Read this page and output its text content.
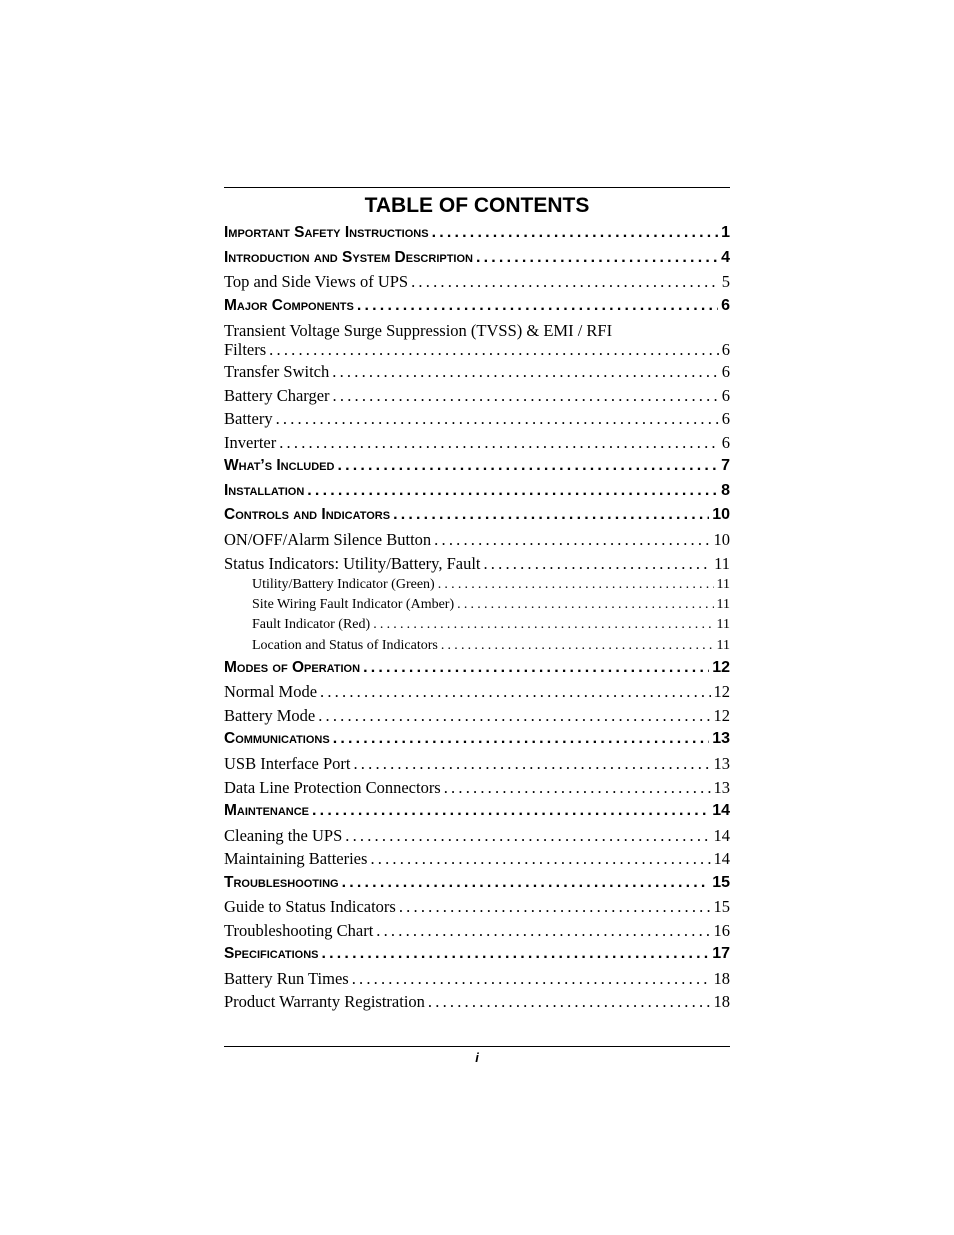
TABLE OF CONTENTS
Important Safety Instructions .....	1
Introduction and System Description .....	4
Top and Side Views of UPS .....	5
Major Components .....	6
Transient Voltage Surge Suppression (TVSS) & EMI / RFI
Filters .....	6
Transfer Switch .....	6
Battery Charger .....	6
Battery .....	6
Inverter .....	6
What’s Included .....	7
Installation .....	8
Controls and Indicators .....	10
ON/OFF/Alarm Silence Button .....	10
Status Indicators: Utility/Battery, Fault .....	11
Utility/Battery Indicator (Green) .....	11
Site Wiring Fault Indicator (Amber) .....	11
Fault Indicator (Red) .....	11
Location and Status of Indicators .....	11
Modes of Operation .....	12
Normal Mode .....	12
Battery Mode .....	12
Communications .....	13
USB Interface Port .....	13
Data Line Protection Connectors .....	13
Maintenance .....	14
Cleaning the UPS .....	14
Maintaining Batteries .....	14
Troubleshooting .....	15
Guide to Status Indicators .....	15
Troubleshooting Chart .....	16
Specifications .....	17
Battery Run Times .....	18
Product Warranty Registration .....	18
i
